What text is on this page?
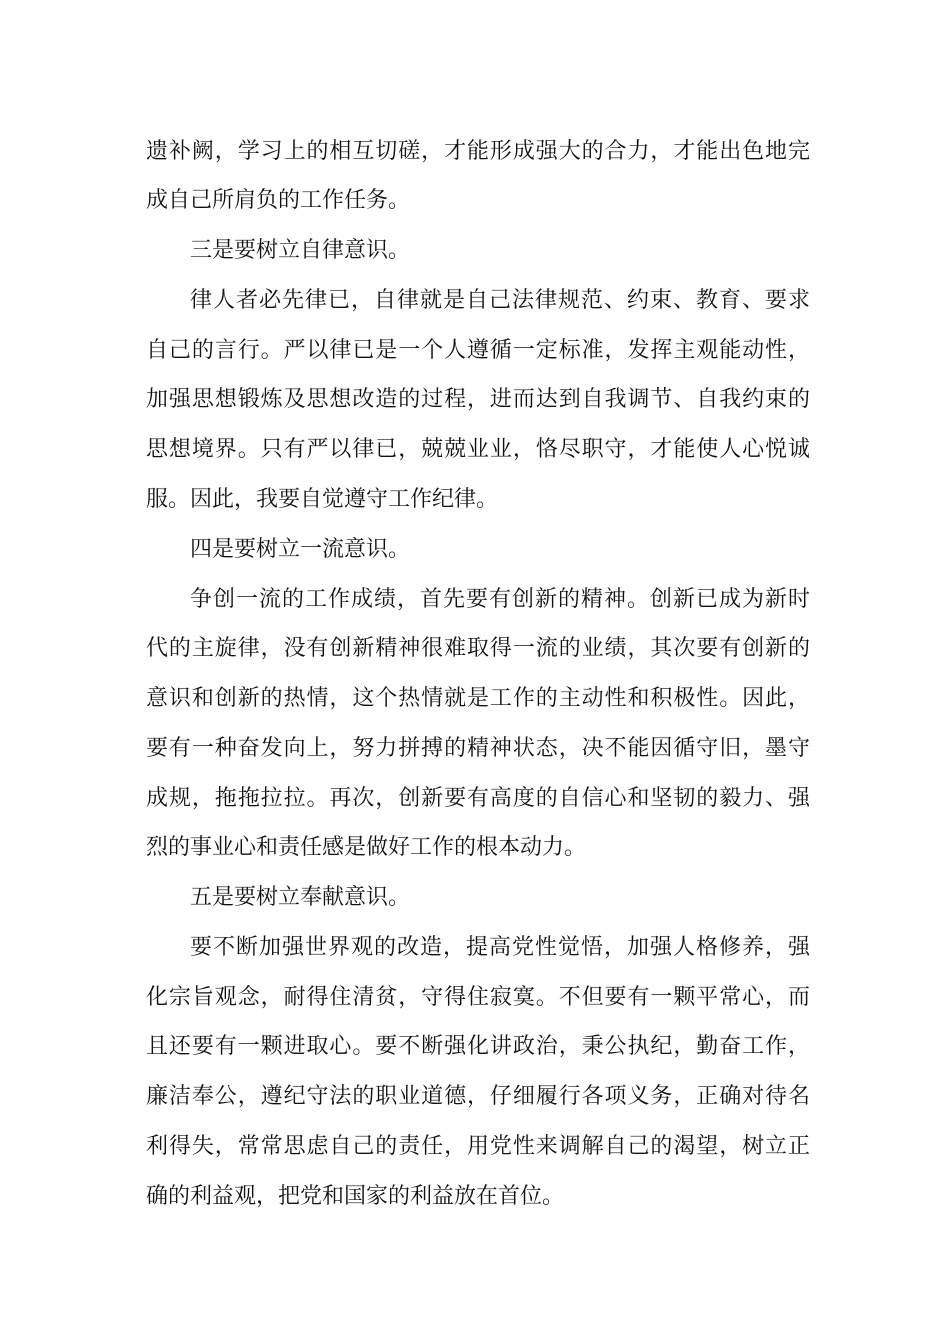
遗补阙，学习上的相互切磋，才能形成强大的合力，才能出色地完
成自己所肩负的工作任务。
三是要树立自律意识。
律人者必先律已，自律就是自己法律规范、约束、教育、要求
自己的言行。严以律已是一个人遵循一定标准，发挥主观能动性，
加强思想锻炼及思想改造的过程，进而达到自我调节、自我约束的
思想境界。只有严以律已，兢兢业业，恪尽职守，才能使人心悦诚
服。因此，我要自觉遵守工作纪律。
四是要树立一流意识。
争创一流的工作成绩，首先要有创新的精神。创新已成为新时
代的主旋律，没有创新精神很难取得一流的业绩，其次要有创新的
意识和创新的热情，这个热情就是工作的主动性和积极性。因此，
要有一种奋发向上，努力拼搏的精神状态，决不能因循守旧，墨守
成规，拖拖拉拉。再次，创新要有高度的自信心和坚韧的毅力、强
烈的事业心和责任感是做好工作的根本动力。
五是要树立奉献意识。
要不断加强世界观的改造，提高党性觉悟，加强人格修养，强
化宗旨观念，耐得住清贫，守得住寂寞。不但要有一颗平常心，而
且还要有一颗进取心。要不断强化讲政治，秉公执纪，勤奋工作，
廉洁奉公，遵纪守法的职业道德，仔细履行各项义务，正确对待名
利得失，常常思虑自己的责任，用党性来调解自己的渴望，树立正
确的利益观，把党和国家的利益放在首位。
